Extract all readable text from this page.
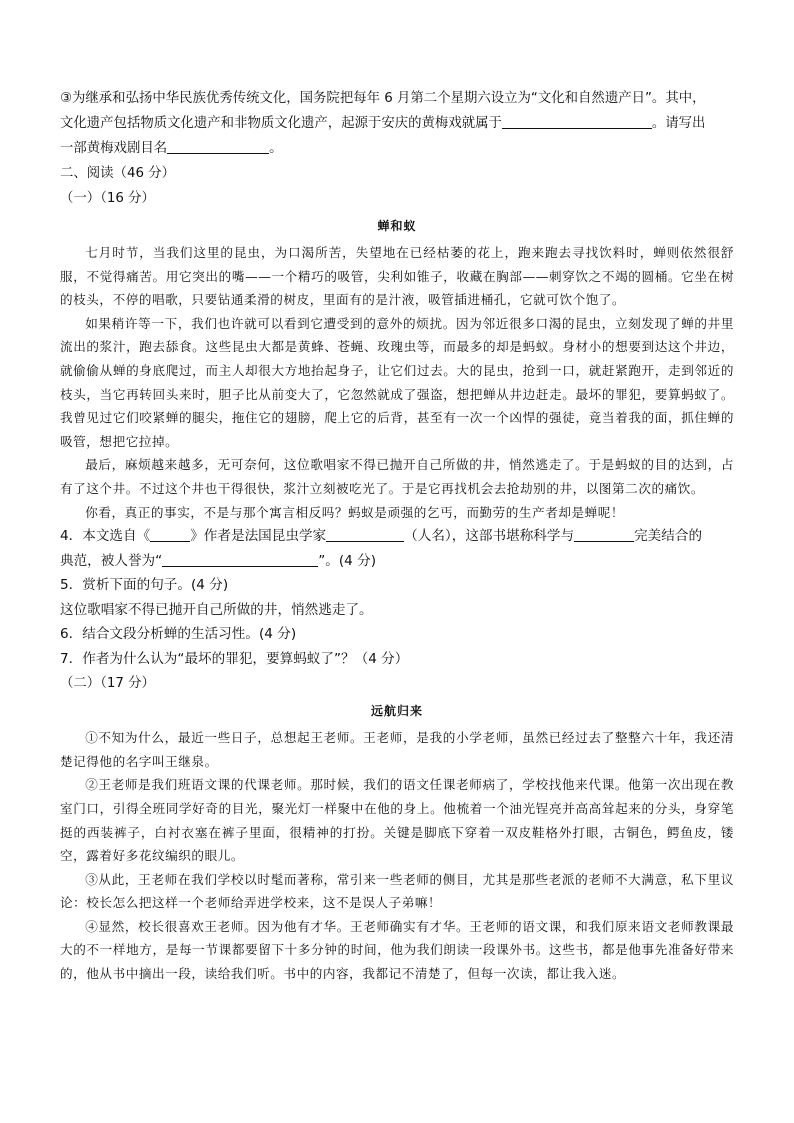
③为继承和弘扬中华民族优秀传统文化，国务院把每年 6 月第二个星期六设立为“文化和自然遗产日”。其中，
文化遗产包括物质文化遗产和非物质文化遗产，起源于安庆的黄梅戏就属于	。请写出
一部黄梅戏剧目名	。
二、阅读（46 分）
（一）（16 分）
蝉和蚁

七月时节，当我们这里的昆虫，为口渴所苦，失望地在已经枯萎的花上，跑来跑去寻找饮料时，蝉则依然很舒服，不觉得痛苦。用它突出的嘴——一个精巧的吸管，尖利如锥子，收藏在胸部——刺穿饮之不竭的圆桶。它坐在树的枝头，不停的唱歌，只要钻通柔滑的树皮，里面有的是汁液，吸管插进桶孔，它就可饮个饱了。

如果稍许等一下，我们也许就可以看到它遭受到的意外的烦扰。因为邻近很多口渴的昆虫，立刻发现了蝉的井里流出的浆汁，跑去舔食。这些昆虫大都是黄蜂、苍蝇、玫瑰虫等，而最多的却是蚂蚁。身材小的想要到达这个井边，就偷偷从蝉的身底爬过，而主人却很大方地抬起身子，让它们过去。大的昆虫，抢到一口，就赶紧跑开，走到邻近的枝头，当它再转回头来时，胆子比从前变大了，它忽然就成了强盗，想把蝉从井边赶走。最坏的罪犯，要算蚂蚁了。我曾见过它们咬紧蝉的腿尖，拖住它的翅膀，爬上它的后背，甚至有一次一个凶悍的强徒，竟当着我的面，抓住蝉的吸管，想把它拉掉。

最后，麻烦越来越多，无可奈何，这位歌唱家不得已抛开自己所做的井，悄然逃走了。于是蚂蚁的目的达到，占有了这个井。不过这个井也干得很快，浆汁立刻被吃光了。于是它再找机会去抢劫别的井，以图第二次的痛饮。

你看，真正的事实，不是与那个寓言相反吗？蚂蚁是顽强的乞丐，而勤劳的生产者却是蝉呢！

4．本文选自《	》作者是法国昆虫学家	（人名），这部书堪称科学与	完美结合的
典范，被人誉为“	”。(4 分)
5．赏析下面的句子。(4 分)
这位歌唱家不得已抛开自己所做的井，悄然逃走了。
6．结合文段分析蝉的生活习性。(4 分)
7．作者为什么认为“最坏的罪犯，要算蚂蚁了”？（4 分）
（二）（17 分）
远航归来

①不知为什么，最近一些日子，总想起王老师。王老师，是我的小学老师，虽然已经过去了整整六十年，我还清楚记得他的名字叫王继泉。

②王老师是我们班语文课的代课老师。那时候，我们的语文任课老师病了，学校找他来代课。他第一次出现在教室门口，引得全班同学好奇的目光，聚光灯一样聚中在他的身上。他梳着一个油光锃亮并高高耸起来的分头，身穿笔挺的西装裤子，白衬衣塞在裤子里面，很精神的打扮。关键是脚底下穿着一双皮鞋格外打眼，古铜色，鳄鱼皮，镂空，露着好多花纹编织的眼儿。

③从此，王老师在我们学校以时髦而著称，常引来一些老师的侧目，尤其是那些老派的老师不大满意，私下里议论：校长怎么把这样一个老师给弄进学校来，这不是误人子弟嘛！

④显然，校长很喜欢王老师。因为他有才华。王老师确实有才华。王老师的语文课，和我们原来语文老师教课最大的不一样地方，是每一节课都要留下十多分钟的时间，他为我们朗读一段课外书。这些书，都是他事先准备好带来的，他从书中摘出一段，读给我们听。书中的内容，我都记不清楚了，但每一次读，都让我入迷。
